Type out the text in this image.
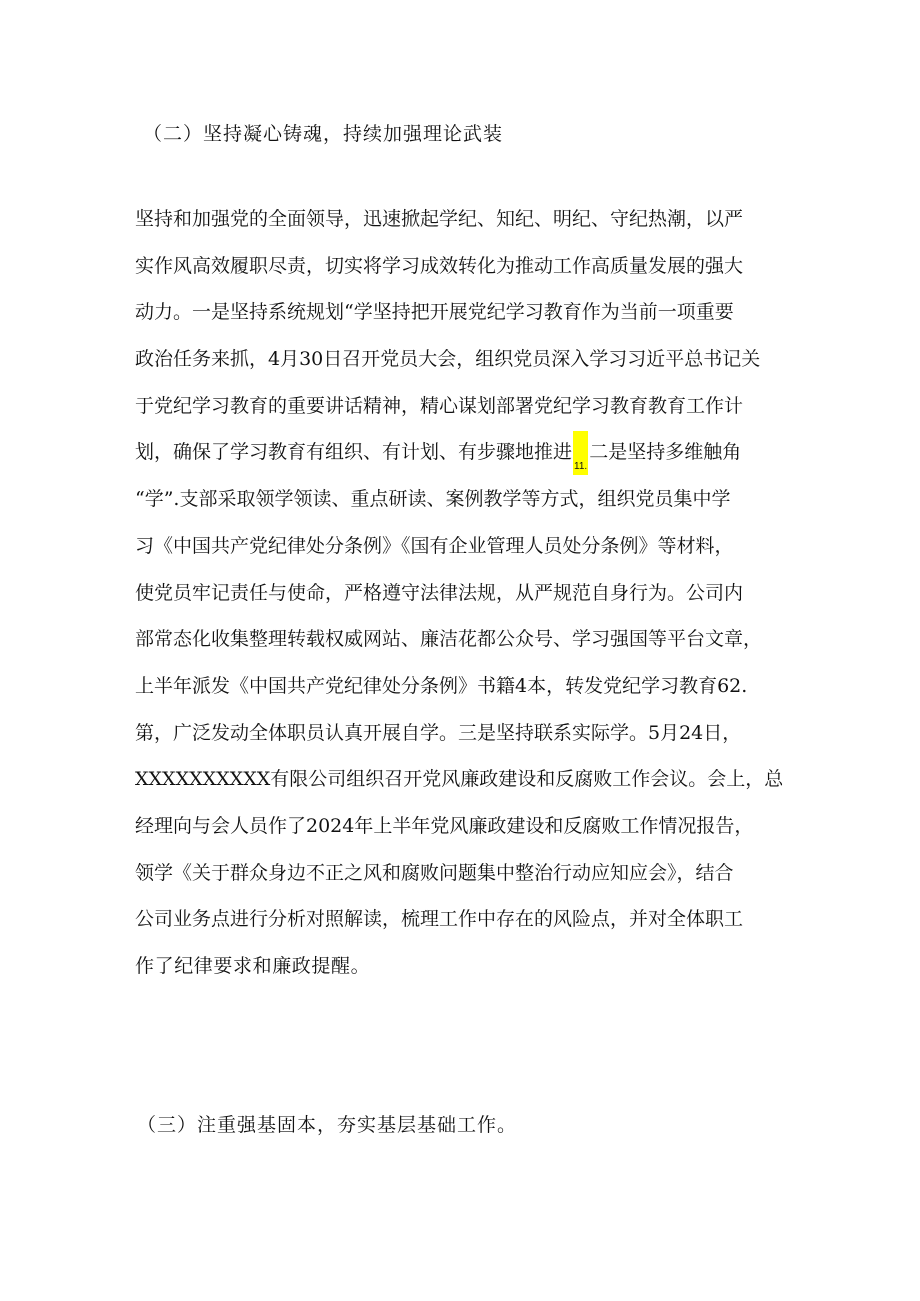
（二）坚持凝心铸魂，持续加强理论武装
坚持和加强党的全面领导，迅速掀起学纪、知纪、明纪、守纪热潮，以严
实作风高效履职尽责，切实将学习成效转化为推动工作高质量发展的强大
动力。一是坚持系统规划“学坚持把开展党纪学习教育作为当前一项重要
政治任务来抓，4月30日召开党员大会，组织党员深入学习习近平总书记关
于党纪学习教育的重要讲话精神，精心谋划部署党纪学习教育教育工作计
划，确保了学习教育有组织、有计划、有步骤地推进11.二是坚持多维触角
“学”.支部采取领学领读、重点研读、案例教学等方式，组织党员集中学
习《中国共产党纪律处分条例》《国有企业管理人员处分条例》等材料，
使党员牢记责任与使命，严格遵守法律法规，从严规范自身行为。公司内
部常态化收集整理转载权威网站、廉洁花都公众号、学习强国等平台文章，
上半年派发《中国共产党纪律处分条例》书籍4本，转发党纪学习教育62.
第，广泛发动全体职员认真开展自学。三是坚持联系实际学。5月24日，
XXXXXXXXXX有限公司组织召开党风廉政建设和反腐败工作会议。会上，总
经理向与会人员作了2024年上半年党风廉政建设和反腐败工作情况报告，
领学《关于群众身边不正之风和腐败问题集中整治行动应知应会》，结合
公司业务点进行分析对照解读，梳理工作中存在的风险点，并对全体职工
作了纪律要求和廉政提醒。
（三）注重强基固本，夯实基层基础工作。
